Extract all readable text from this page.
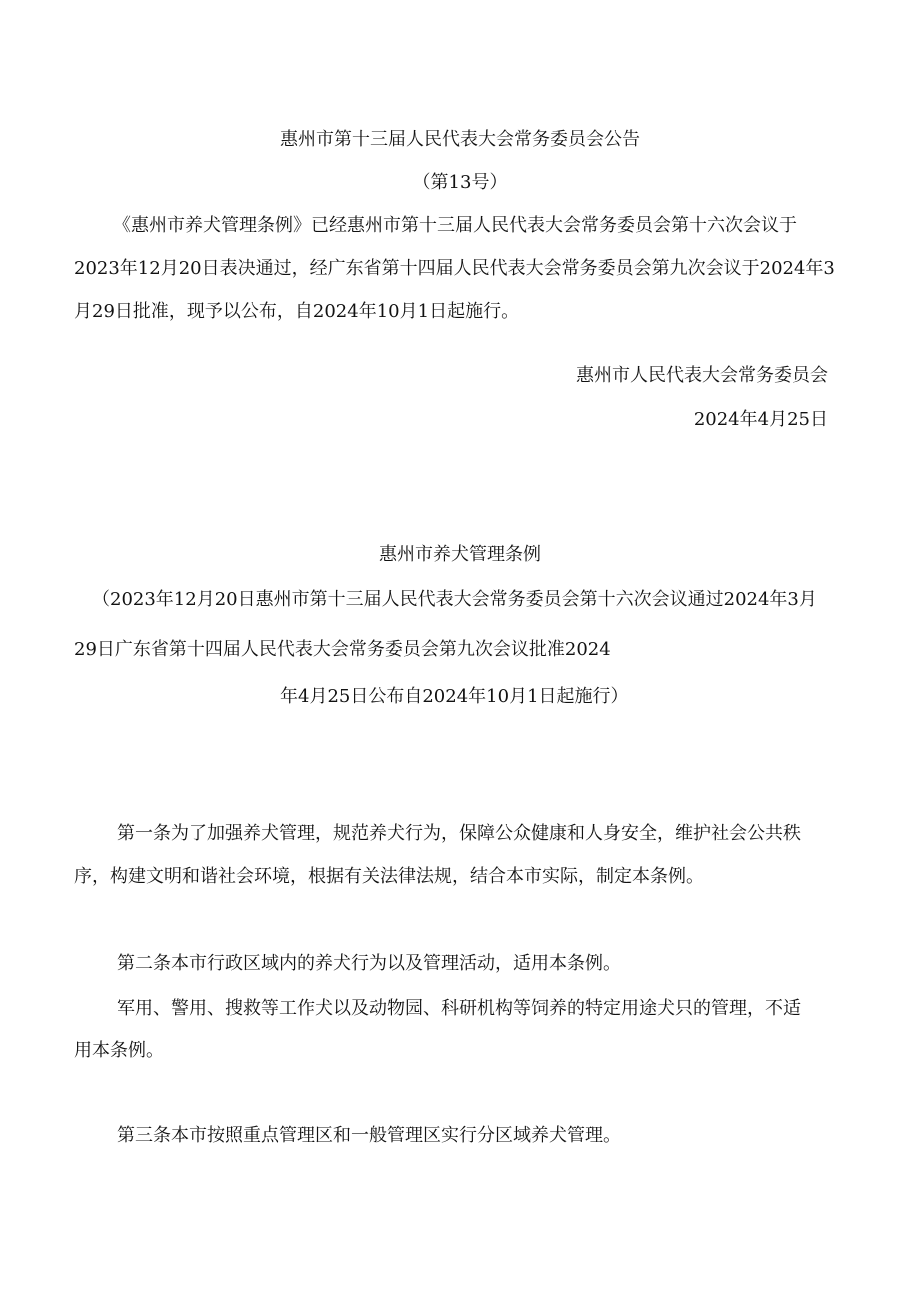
惠州市第十三届人民代表大会常务委员会公告
（第13号）
《惠州市养犬管理条例》已经惠州市第十三届人民代表大会常务委员会第十六次会议于
2023年12月20日表决通过，经广东省第十四届人民代表大会常务委员会第九次会议于2024年3
月29日批准，现予以公布，自2024年10月1日起施行。
惠州市人民代表大会常务委员会
2024年4月25日
惠州市养犬管理条例
（2023年12月20日惠州市第十三届人民代表大会常务委员会第十六次会议通过2024年3月
29日广东省第十四届人民代表大会常务委员会第九次会议批准2024
年4月25日公布自2024年10月1日起施行）
第一条为了加强养犬管理，规范养犬行为，保障公众健康和人身安全，维护社会公共秩
序，构建文明和谐社会环境，根据有关法律法规，结合本市实际，制定本条例。
第二条本市行政区域内的养犬行为以及管理活动，适用本条例。
军用、警用、搜救等工作犬以及动物园、科研机构等饲养的特定用途犬只的管理，不适
用本条例。
第三条本市按照重点管理区和一般管理区实行分区域养犬管理。
